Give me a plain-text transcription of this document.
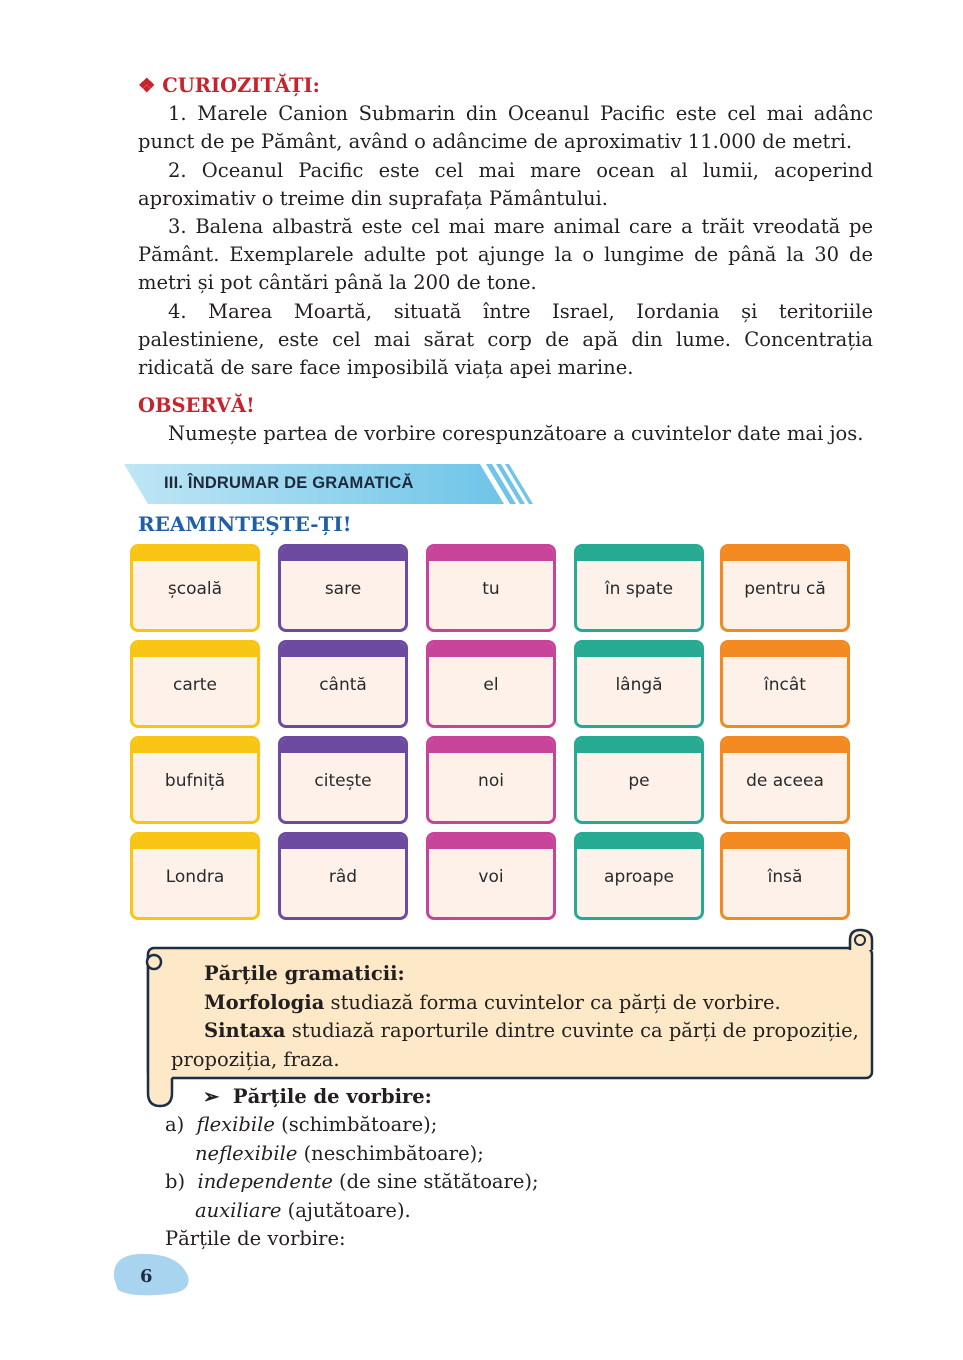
❖ CURIOZITĂȚI:

1. Marele Canion Submarin din Oceanul Pacific este cel mai adânc punct de pe Pământ, având o adâncime de aproximativ 11.000 de metri.

2. Oceanul Pacific este cel mai mare ocean al lumii, acoperind aproximativ o treime din suprafața Pământului.

3. Balena albastră este cel mai mare animal care a trăit vreodată pe Pământ. Exemplarele adulte pot ajunge la o lungime de până la 30 de metri și pot cântări până la 200 de tone.

4. Marea Moartă, situată între Israel, Iordania și teritoriile palestiniene, este cel mai sărat corp de apă din lume. Concentrația ridicată de sare face imposibilă viața apei marine.

OBSERVĂ!

Numește partea de vorbire corespunzătoare a cuvintelor date mai jos.

III. ÎNDRUMAR DE GRAMATICĂ
REAMINTEȘTE-ȚI!
școală
carte
bufniță
Londra
sare
cântă
citește
râd
tu
el
noi
voi
în spate
lângă
pe
aproape
pentru că
încât
de aceea
însă

Părțile gramaticii:

Morfologia studiază forma cuvintelor ca părți de vorbire.

Sintaxa studiază raporturile dintre cuvinte ca părți de propoziție,

propoziția, fraza.

➢ Părțile de vorbire:

a) flexibile (schimbătoare);

neflexibile (neschimbătoare);

b) independente (de sine stătătoare);

auxiliare (ajutătoare).

Părțile de vorbire:

6
